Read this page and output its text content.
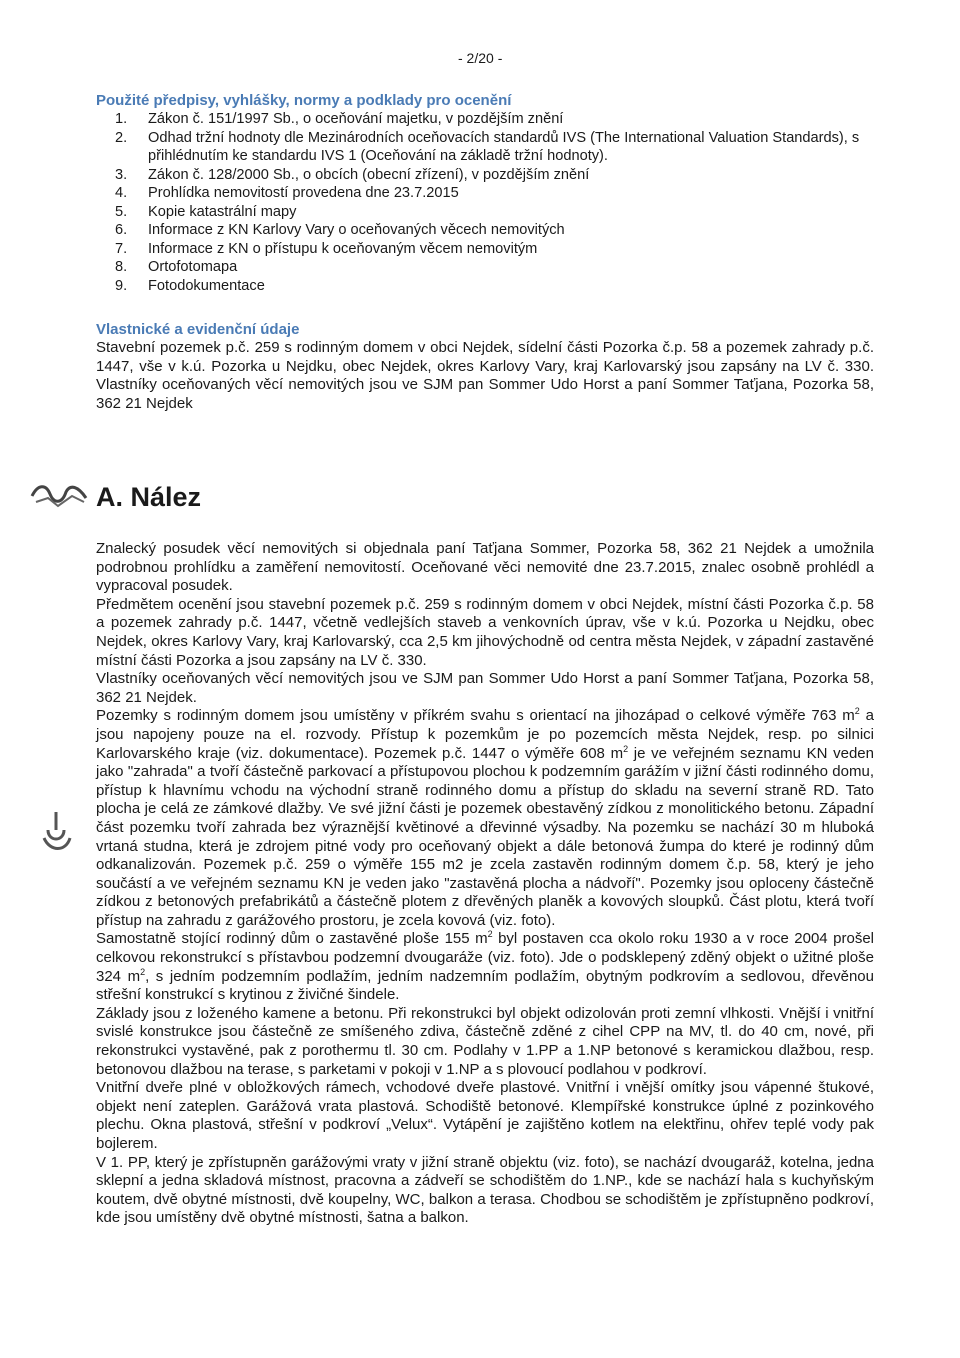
- 2/20 -
Použité předpisy, vyhlášky, normy a podklady pro ocenění
1.	Zákon č. 151/1997 Sb., o oceňování majetku, v pozdějším znění
2.	Odhad tržní hodnoty dle Mezinárodních oceňovacích standardů IVS (The International Valuation Standards), s přihlédnutím ke standardu IVS 1 (Oceňování na základě tržní hodnoty).
3.	Zákon č. 128/2000 Sb., o obcích (obecní zřízení), v pozdějším znění
4.	Prohlídka nemovitostí provedena dne 23.7.2015
5.	Kopie katastrální mapy
6.	Informace z KN Karlovy Vary o oceňovaných věcech nemovitých
7.	Informace z KN o přístupu k oceňovaným věcem nemovitým
8.	Ortofotomapa
9.	Fotodokumentace
Vlastnické a evidenční údaje

Stavební pozemek p.č. 259 s rodinným domem v obci Nejdek, sídelní části Pozorka č.p. 58 a pozemek zahrady p.č. 1447, vše v k.ú. Pozorka u Nejdku, obec Nejdek, okres Karlovy Vary, kraj Karlovarský jsou zapsány na LV č. 330. Vlastníky oceňovaných věcí nemovitých jsou ve SJM pan Sommer Udo Horst a paní Sommer Taťjana, Pozorka 58, 362 21 Nejdek

A. Nález

Znalecký posudek věcí nemovitých si objednala paní Taťjana Sommer, Pozorka 58, 362 21 Nejdek a umožnila podrobnou prohlídku a zaměření nemovitostí. Oceňované věci nemovité dne 23.7.2015, znalec osobně prohlédl a vypracoval posudek.

Předmětem ocenění jsou stavební pozemek p.č. 259 s rodinným domem v obci Nejdek, místní části Pozorka č.p. 58 a pozemek zahrady p.č. 1447, včetně vedlejších staveb a venkovních úprav, vše v k.ú. Pozorka u Nejdku, obec Nejdek, okres Karlovy Vary, kraj Karlovarský, cca 2,5 km jihovýchodně od centra města Nejdek, v západní zastavěné místní části Pozorka a jsou zapsány na LV č. 330.

Vlastníky oceňovaných věcí nemovitých jsou ve SJM pan Sommer Udo Horst a paní Sommer Taťjana, Pozorka 58, 362 21 Nejdek.

Pozemky s rodinným domem jsou umístěny v příkrém svahu s orientací na jihozápad o celkové výměře 763 $m^2$ a jsou napojeny pouze na el. rozvody. Přístup k pozemkům je po pozemcích města Nejdek, resp. po silnici Karlovarského kraje (viz. dokumentace). Pozemek p.č. 1447 o výměře 608 $m^2$ je ve veřejném seznamu KN veden jako "zahrada" a tvoří částečně parkovací a přístupovou plochou k podzemním garážím v jižní části rodinného domu, přístup k hlavnímu vchodu na východní straně rodinného domu a přístup do skladu na severní straně RD. Tato plocha je celá ze zámkové dlažby. Ve své jižní části je pozemek obestavěný zídkou z monolitického betonu. Západní část pozemku tvoří zahrada bez výraznější květinové a dřevinné výsadby. Na pozemku se nachází 30 m hluboká vrtaná studna, která je zdrojem pitné vody pro oceňovaný objekt a dále betonová žumpa do které je rodinný dům odkanalizován. Pozemek p.č. 259 o výměře 155 m2 je zcela zastavěn rodinným domem č.p. 58, který je jeho součástí a ve veřejném seznamu KN je veden jako "zastavěná plocha a nádvoří". Pozemky jsou oploceny částečně zídkou z betonových prefabrikátů a částečně plotem z dřevěných planěk a kovových sloupků. Část plotu, která tvoří přístup na zahradu z garážového prostoru, je zcela kovová (viz. foto).

Samostatně stojící rodinný dům o zastavěné ploše 155 $m^2$ byl postaven cca okolo roku 1930 a v roce 2004 prošel celkovou rekonstrukcí s přístavbou podzemní dvougaráže (viz. foto). Jde o podsklepený zděný objekt o užitné ploše 324 $m^2$, s jedním podzemním podlažím, jedním nadzemním podlažím, obytným podkrovím a sedlovou, dřevěnou střešní konstrukcí s krytinou z živičné šindele.

Základy jsou z loženého kamene a betonu. Při rekonstrukci byl objekt odizolován proti zemní vlhkosti. Vnější i vnitřní svislé konstrukce jsou částečně ze smíšeného zdiva, částečně zděné z cihel CPP na MV, tl. do 40 cm, nové, při rekonstrukci vystavěné, pak z porothermu tl. 30 cm. Podlahy v 1.PP a 1.NP betonové s keramickou dlažbou, resp. betonovou dlažbou na terase, s parketami v pokoji v 1.NP a s plovoucí podlahou v podkroví.

Vnitřní dveře plné v obložkových rámech, vchodové dveře plastové. Vnitřní i vnější omítky jsou vápenné štukové, objekt není zateplen. Garážová vrata plastová. Schodiště betonové. Klempířské konstrukce úplné z pozinkového plechu. Okna plastová, střešní v podkroví „Velux“. Vytápění je zajištěno kotlem na elektřinu, ohřev teplé vody pak bojlerem.

V 1. PP, který je zpřístupněn garážovými vraty v jižní straně objektu (viz. foto), se nachází dvougaráž, kotelna, jedna sklepní a jedna skladová místnost, pracovna a zádveří se schodištěm do 1.NP., kde se nachází hala s kuchyňským koutem, dvě obytné místnosti, dvě koupelny, WC, balkon a terasa. Chodbou se schodištěm je zpřístupněno podkroví, kde jsou umístěny dvě obytné místnosti, šatna a balkon.
